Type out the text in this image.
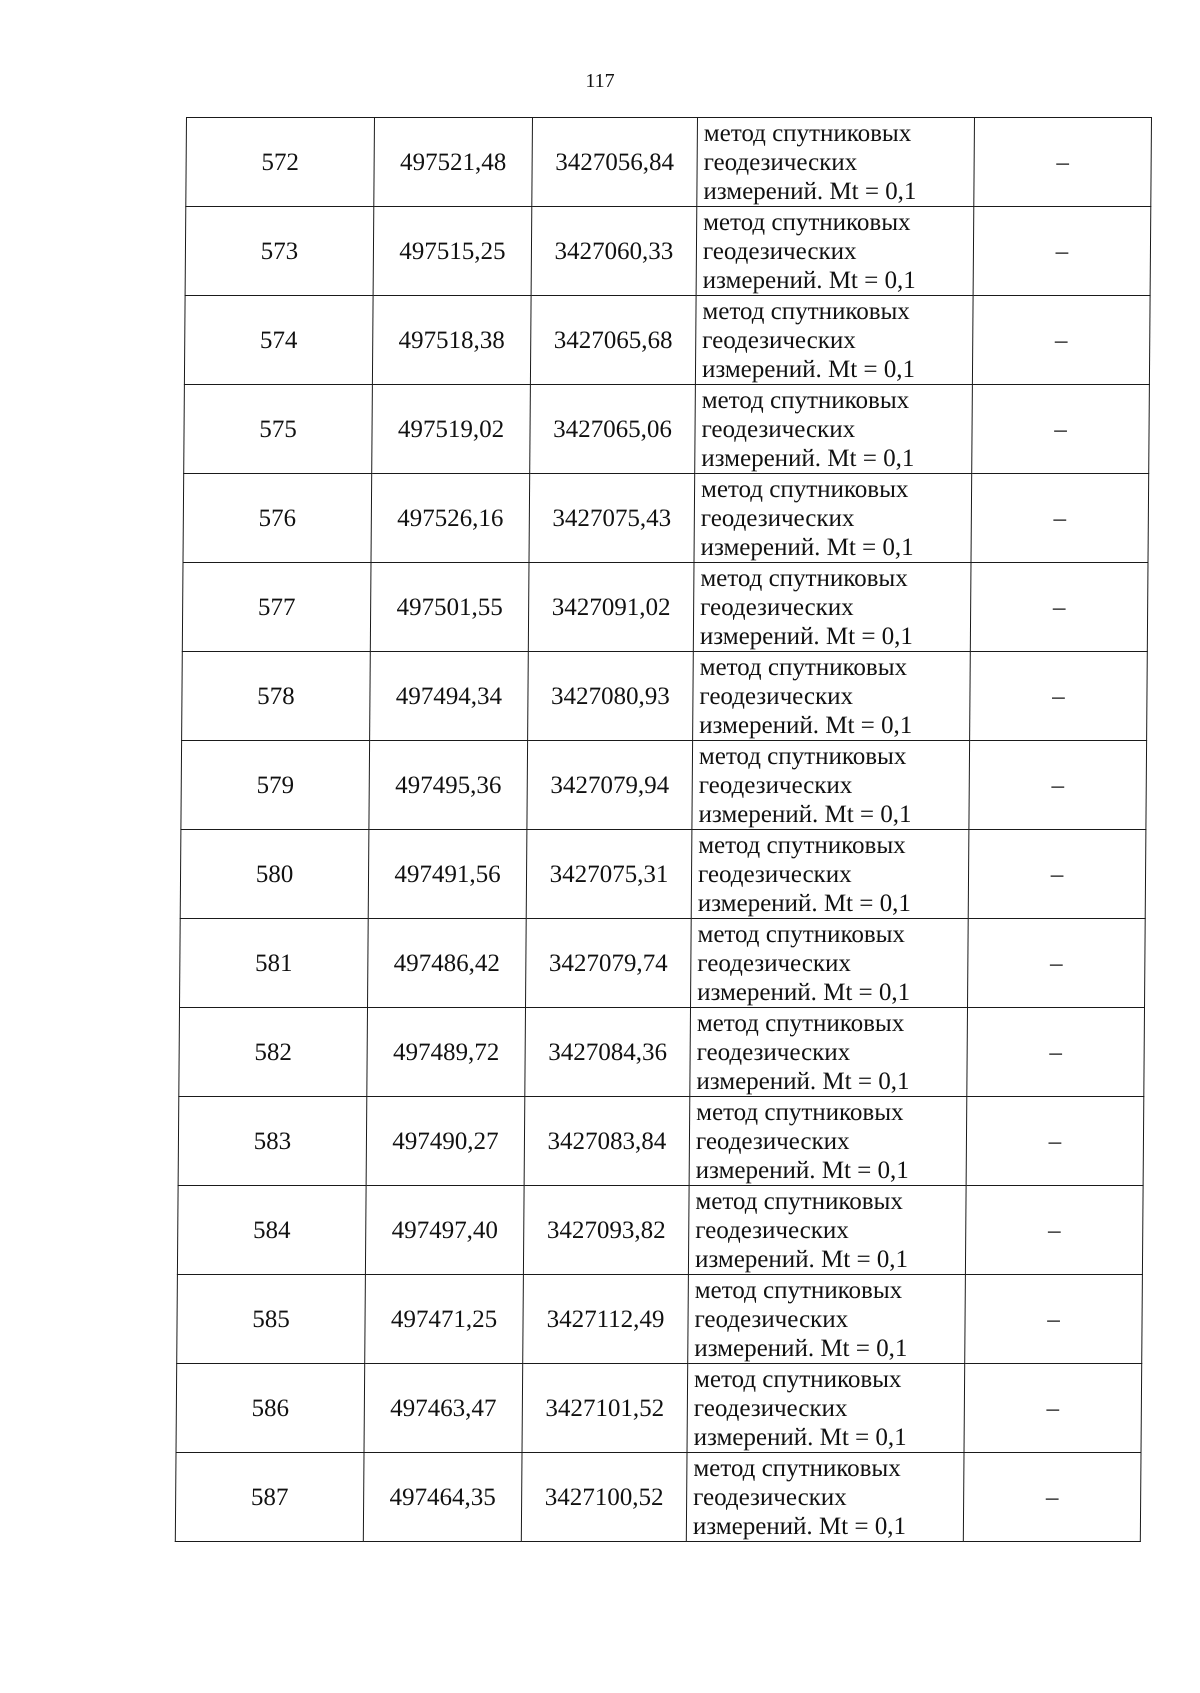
117
572	497521,48	3427056,84	метод спутниковых
геодезических
измерений. Mt = 0,1	–
573	497515,25	3427060,33	метод спутниковых
геодезических
измерений. Mt = 0,1	–
574	497518,38	3427065,68	метод спутниковых
геодезических
измерений. Mt = 0,1	–
575	497519,02	3427065,06	метод спутниковых
геодезических
измерений. Mt = 0,1	–
576	497526,16	3427075,43	метод спутниковых
геодезических
измерений. Mt = 0,1	–
577	497501,55	3427091,02	метод спутниковых
геодезических
измерений. Mt = 0,1	–
578	497494,34	3427080,93	метод спутниковых
геодезических
измерений. Mt = 0,1	–
579	497495,36	3427079,94	метод спутниковых
геодезических
измерений. Mt = 0,1	–
580	497491,56	3427075,31	метод спутниковых
геодезических
измерений. Mt = 0,1	–
581	497486,42	3427079,74	метод спутниковых
геодезических
измерений. Mt = 0,1	–
582	497489,72	3427084,36	метод спутниковых
геодезических
измерений. Mt = 0,1	–
583	497490,27	3427083,84	метод спутниковых
геодезических
измерений. Mt = 0,1	–
584	497497,40	3427093,82	метод спутниковых
геодезических
измерений. Mt = 0,1	–
585	497471,25	3427112,49	метод спутниковых
геодезических
измерений. Mt = 0,1	–
586	497463,47	3427101,52	метод спутниковых
геодезических
измерений. Mt = 0,1	–
587	497464,35	3427100,52	метод спутниковых
геодезических
измерений. Mt = 0,1	–
